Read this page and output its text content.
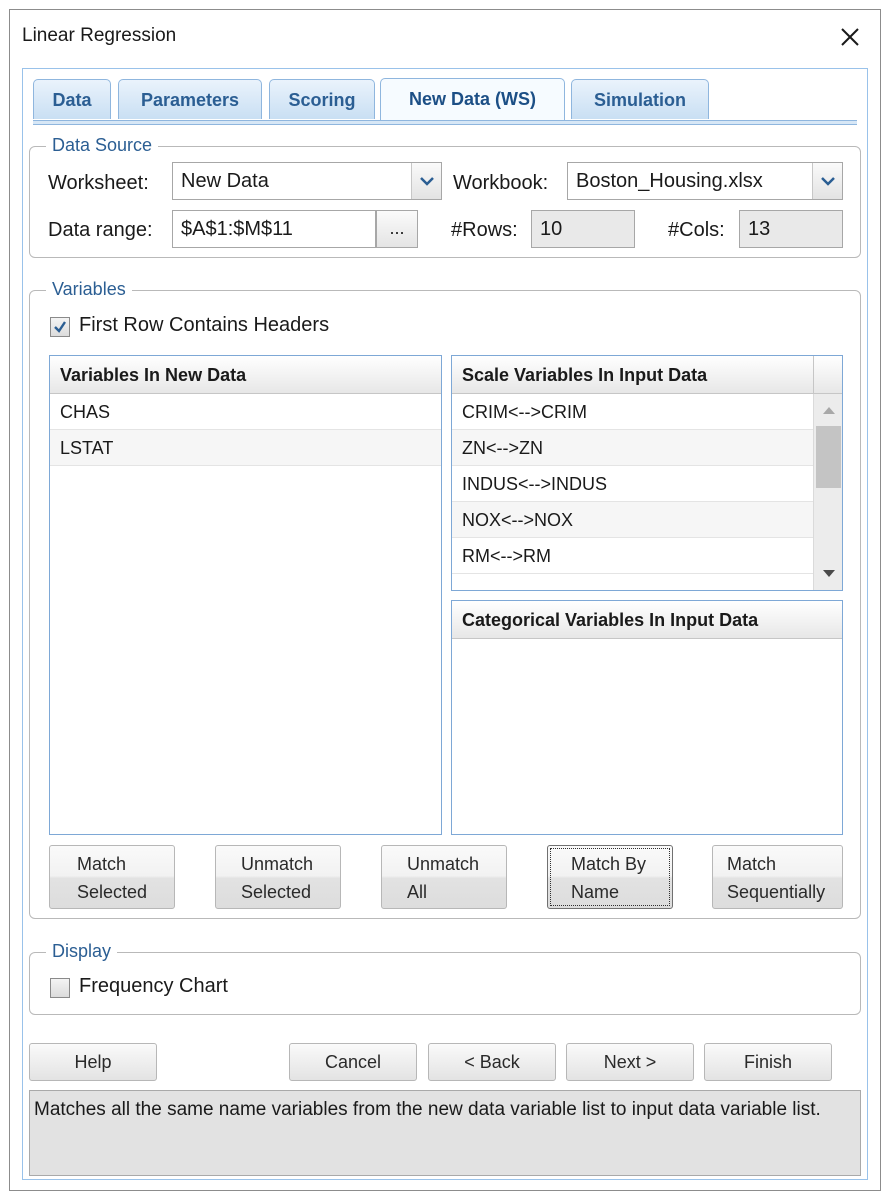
Linear Regression
Data	Parameters	Scoring	New Data (WS)	Simulation
Data Source
Worksheet:	New Data	Workbook:	Boston_Housing.xlsx
Data range:	$A$1:$M$11	...	#Rows:	10	#Cols:	13
Variables
First Row Contains Headers
Variables In New Data
CHAS
LSTAT
Scale Variables In Input Data
CRIM<-->CRIM
ZN<-->ZN
INDUS<-->INDUS
NOX<-->NOX
RM<-->RM
Categorical Variables In Input Data
Match
Selected
Unmatch
Selected
Unmatch
All
Match By
Name
Match
Sequentially
Display
Frequency Chart
Help	Cancel	< Back	Next >	Finish
Matches all the same name variables from the new data variable list to input data variable list.
